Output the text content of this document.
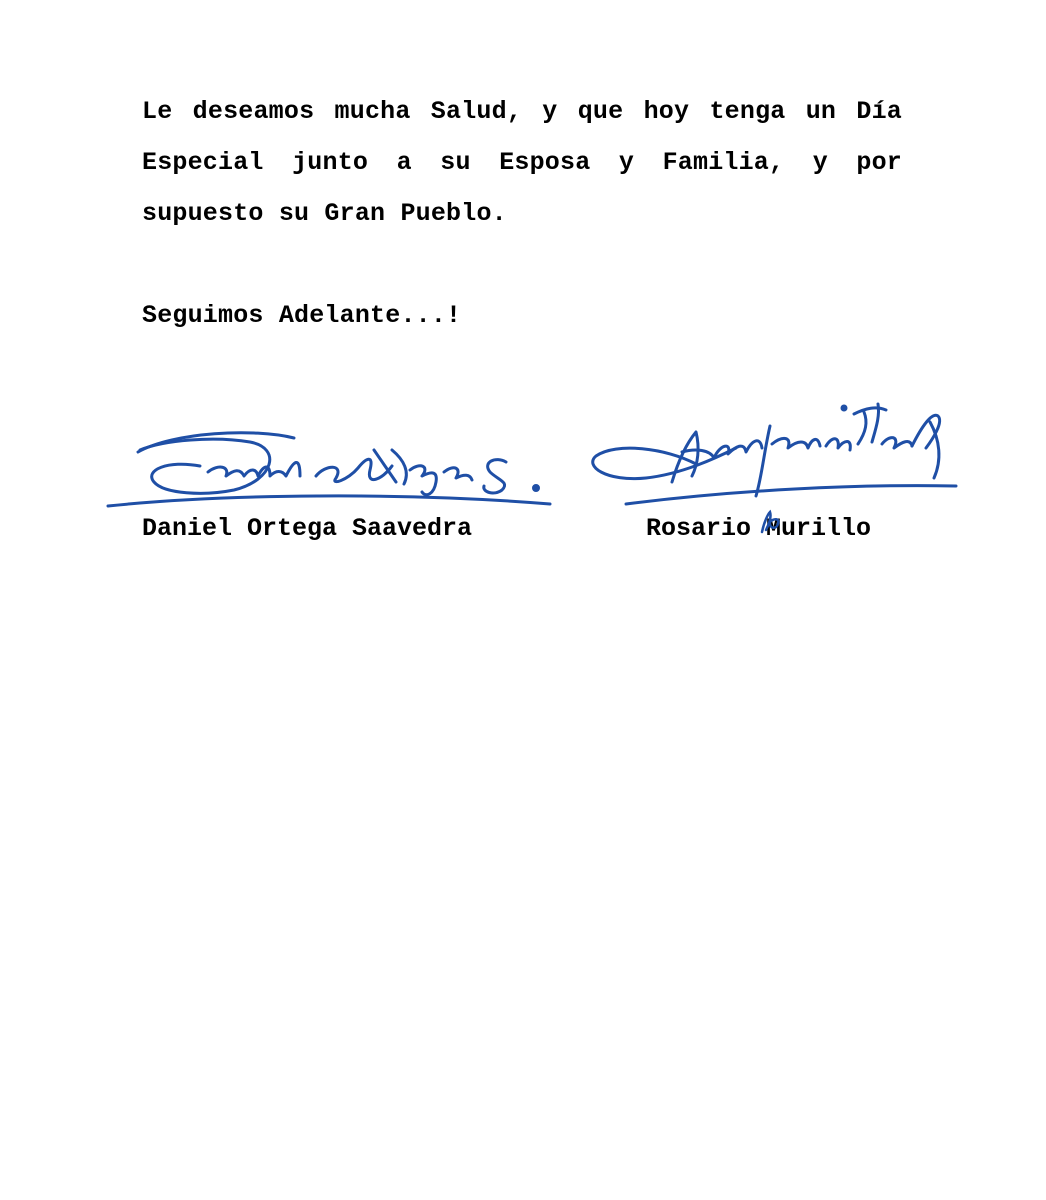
Le deseamos mucha Salud, y que hoy tenga un Día Especial junto a su Esposa y Familia, y por supuesto su Gran Pueblo.

Seguimos Adelante...!

Daniel Ortega Saavedra	Rosario Murillo
